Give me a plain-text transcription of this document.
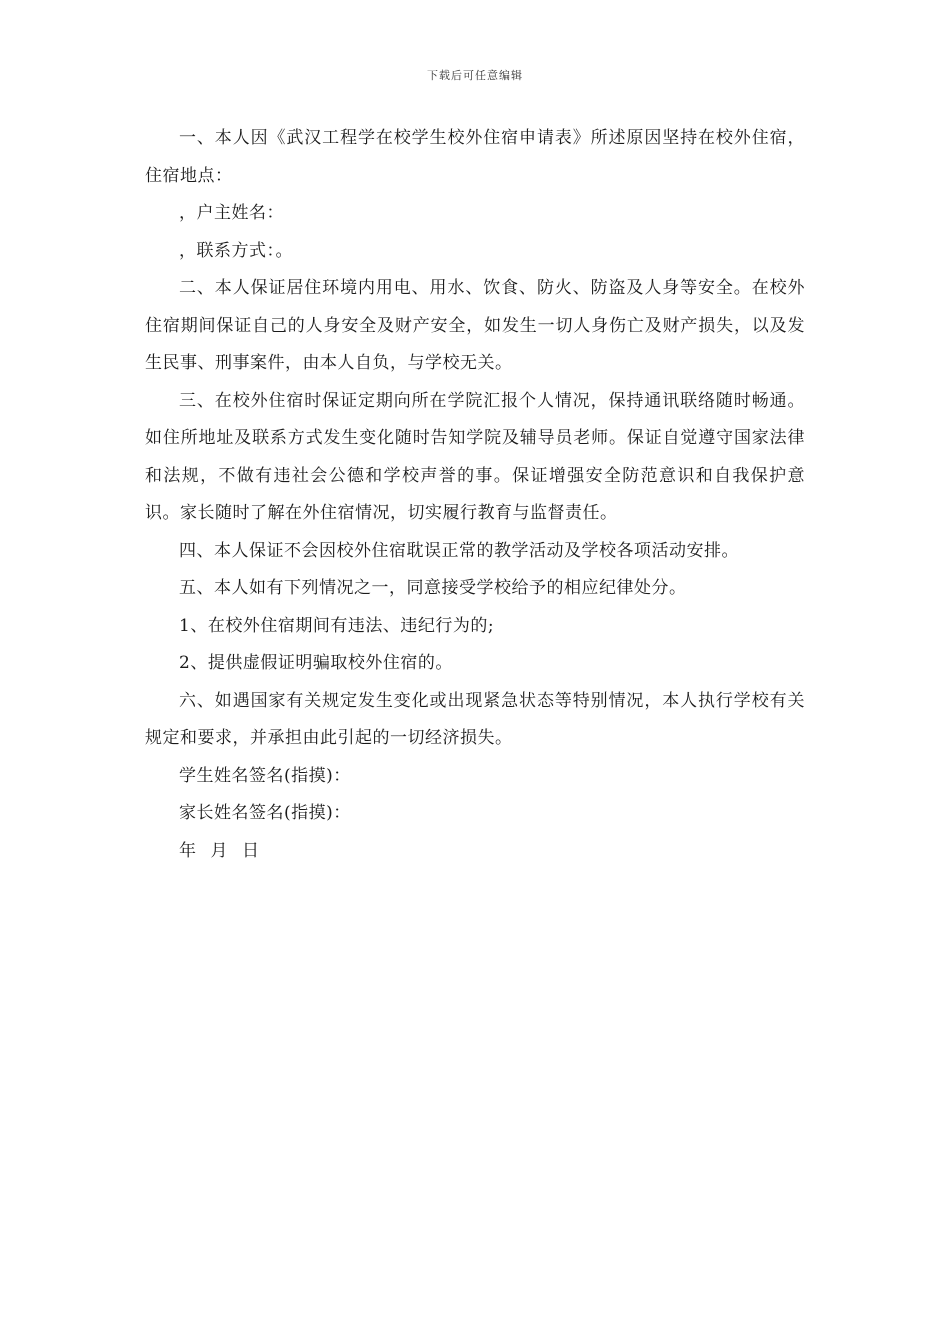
下载后可任意编辑

一、本人因《武汉工程学在校学生校外住宿申请表》所述原因坚持在校外住宿，住宿地点：

，户主姓名：

，联系方式：。

二、本人保证居住环境内用电、用水、饮食、防火、防盗及人身等安全。在校外住宿期间保证自己的人身安全及财产安全，如发生一切人身伤亡及财产损失，以及发生民事、刑事案件，由本人自负，与学校无关。

三、在校外住宿时保证定期向所在学院汇报个人情况，保持通讯联络随时畅通。如住所地址及联系方式发生变化随时告知学院及辅导员老师。保证自觉遵守国家法律和法规，不做有违社会公德和学校声誉的事。保证增强安全防范意识和自我保护意识。家长随时了解在外住宿情况，切实履行教育与监督责任。

四、本人保证不会因校外住宿耽误正常的教学活动及学校各项活动安排。

五、本人如有下列情况之一，同意接受学校给予的相应纪律处分。

1、在校外住宿期间有违法、违纪行为的;

2、提供虚假证明骗取校外住宿的。

六、如遇国家有关规定发生变化或出现紧急状态等特别情况，本人执行学校有关规定和要求，并承担由此引起的一切经济损失。

学生姓名签名(指摸)：

家长姓名签名(指摸)：

年 月 日
